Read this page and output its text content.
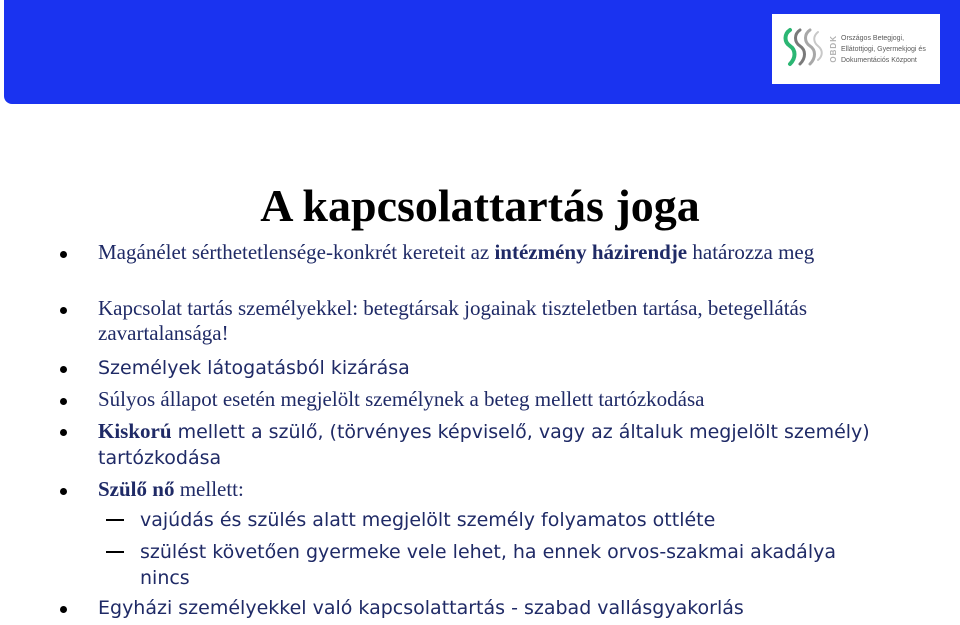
OBDK Országos Betegjogi,
Ellátottjogi, Gyermekjogi és
Dokumentációs Központ
A kapcsolattartás joga
Magánélet sérthetetlensége-konkrét kereteit az intézmény házirendje határozza meg
Kapcsolat tartás személyekkel: betegtársak jogainak tiszteletben tartása, betegellátás zavartalansága!
Személyek látogatásból kizárása
Súlyos állapot esetén megjelölt személynek a beteg mellett tartózkodása
Kiskorú mellett a szülő, (törvényes képviselő, vagy az általuk megjelölt személy) tartózkodása
Szülő nő mellett:
vajúdás és szülés alatt megjelölt személy folyamatos ottléte
szülést követően gyermeke vele lehet, ha ennek orvos-szakmai akadálya nincs
Egyházi személyekkel való kapcsolattartás - szabad vallásgyakorlás
